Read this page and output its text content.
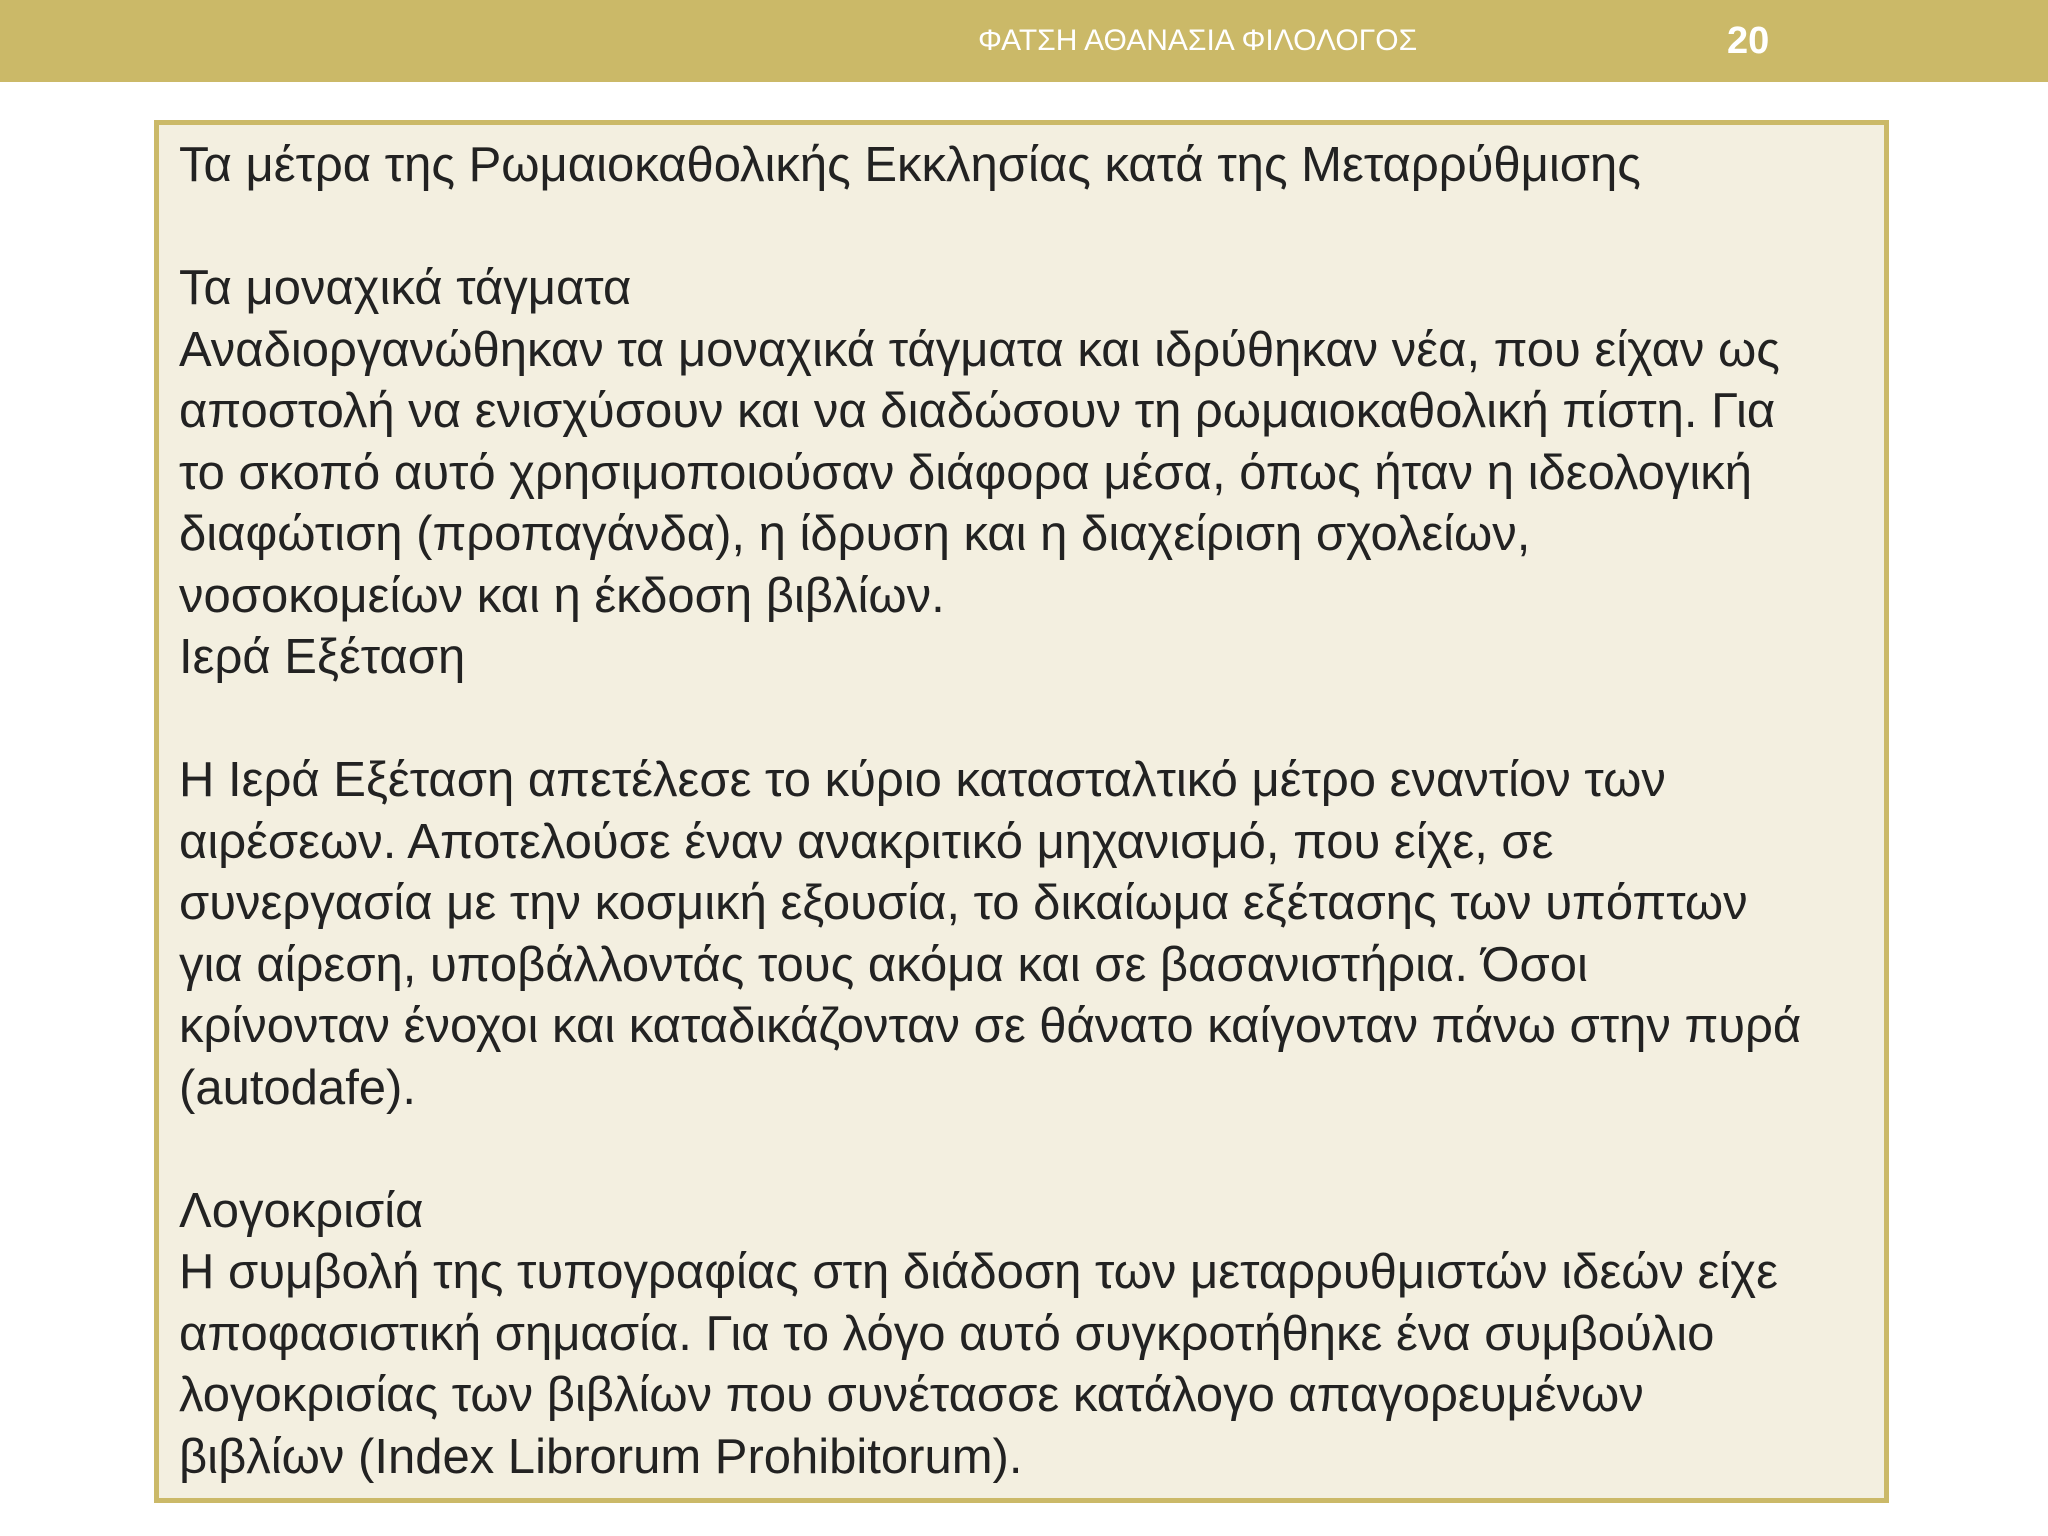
ΦΑΤΣΗ ΑΘΑΝΑΣΙΑ ΦΙΛΟΛΟΓΟΣ	20

Τα μέτρα της Ρωμαιοκαθολικής Εκκλησίας κατά της Μεταρρύθμισης

Τα μοναχικά τάγματα

Αναδιοργανώθηκαν τα μοναχικά τάγματα και ιδρύθηκαν νέα, που είχαν ως

αποστολή να ενισχύσουν και να διαδώσουν τη ρωμαιοκαθολική πίστη. Για

το σκοπό αυτό χρησιμοποιούσαν διάφορα μέσα, όπως ήταν η ιδεολογική

διαφώτιση (προπαγάνδα), η ίδρυση και η διαχείριση σχολείων,

νοσοκομείων και η έκδοση βιβλίων.

Ιερά Εξέταση

Η Ιερά Εξέταση απετέλεσε το κύριο κατασταλτικό μέτρο εναντίον των

αιρέσεων. Αποτελούσε έναν ανακριτικό μηχανισμό, που είχε, σε

συνεργασία με την κοσμική εξουσία, το δικαίωμα εξέτασης των υπόπτων

για αίρεση, υποβάλλοντάς τους ακόμα και σε βασανιστήρια. Όσοι

κρίνονταν ένοχοι και καταδικάζονταν σε θάνατο καίγονταν πάνω στην πυρά

(autodafe).

Λογοκρισία

Η συμβολή της τυπογραφίας στη διάδοση των μεταρρυθμιστών ιδεών είχε

αποφασιστική σημασία. Για το λόγο αυτό συγκροτήθηκε ένα συμβούλιο

λογοκρισίας των βιβλίων που συνέτασσε κατάλογο απαγορευμένων

βιβλίων (Index Librorum Prohibitorum).
